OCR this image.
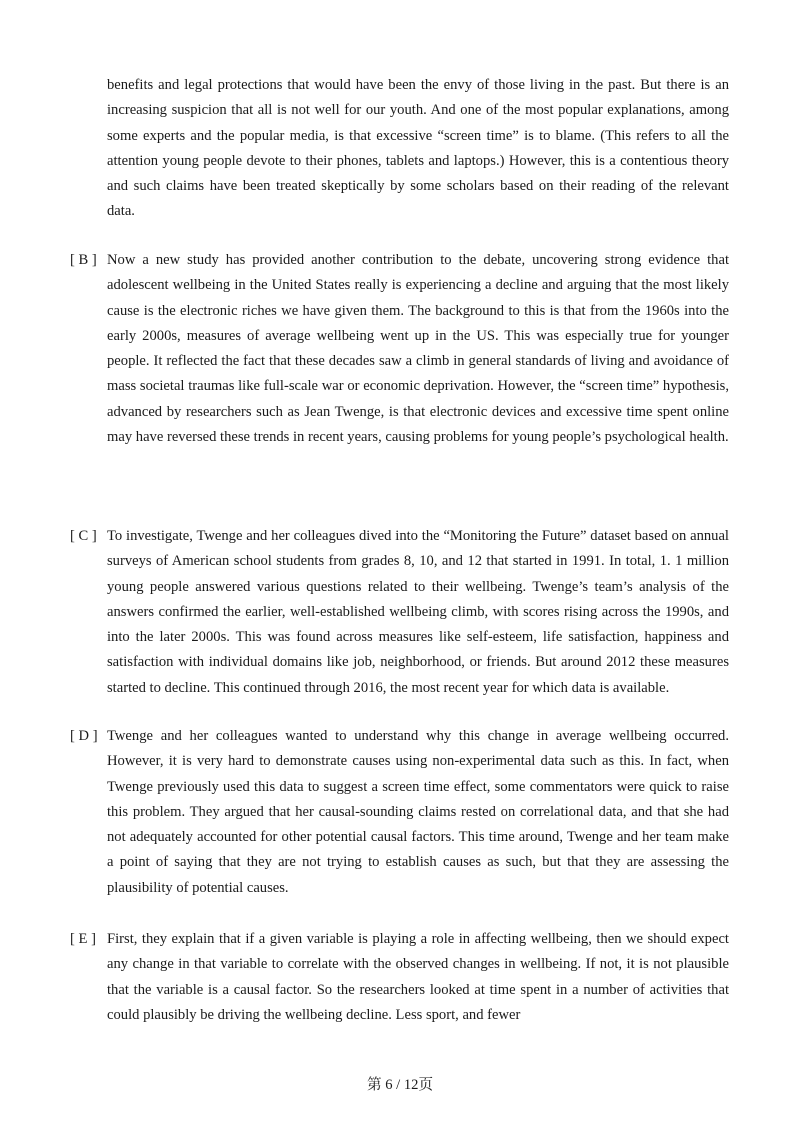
benefits and legal protections that would have been the envy of those living in the past. But there is an increasing suspicion that all is not well for our youth. And one of the most popular explanations, among some experts and the popular media, is that excessive “screen time” is to blame. (This refers to all the attention young people devote to their phones, tablets and laptops.) However, this is a contentious theory and such claims have been treated skeptically by some scholars based on their reading of the relevant data.

[ B ] Now a new study has provided another contribution to the debate, uncovering strong evidence that adolescent wellbeing in the United States really is experiencing a decline and arguing that the most likely cause is the electronic riches we have given them. The background to this is that from the 1960s into the early 2000s, measures of average wellbeing went up in the US. This was especially true for younger people. It reflected the fact that these decades saw a climb in general standards of living and avoidance of mass societal traumas like full-scale war or economic deprivation. However, the “screen time” hypothesis, advanced by researchers such as Jean Twenge, is that electronic devices and excessive time spent online may have reversed these trends in recent years, causing problems for young people’s psychological health.
[ C ] To investigate, Twenge and her colleagues dived into the “Monitoring the Future” dataset based on annual surveys of American school students from grades 8, 10, and 12 that started in 1991. In total, 1. 1 million young people answered various questions related to their wellbeing. Twenge’s team’s analysis of the answers confirmed the earlier, well-established wellbeing climb, with scores rising across the 1990s, and into the later 2000s. This was found across measures like self-esteem, life satisfaction, happiness and satisfaction with individual domains like job, neighborhood, or friends. But around 2012 these measures started to decline. This continued through 2016, the most recent year for which data is available.
[ D ] Twenge and her colleagues wanted to understand why this change in average wellbeing occurred. However, it is very hard to demonstrate causes using non-experimental data such as this. In fact, when Twenge previously used this data to suggest a screen time effect, some commentators were quick to raise this problem. They argued that her causal-sounding claims rested on correlational data, and that she had not adequately accounted for other potential causal factors. This time around, Twenge and her team make a point of saying that they are not trying to establish causes as such, but that they are assessing the plausibility of potential causes.
[ E ] First, they explain that if a given variable is playing a role in affecting wellbeing, then we should expect any change in that variable to correlate with the observed changes in wellbeing. If not, it is not plausible that the variable is a causal factor. So the researchers looked at time spent in a number of activities that could plausibly be driving the wellbeing decline. Less sport, and fewer
第 6 / 12页
